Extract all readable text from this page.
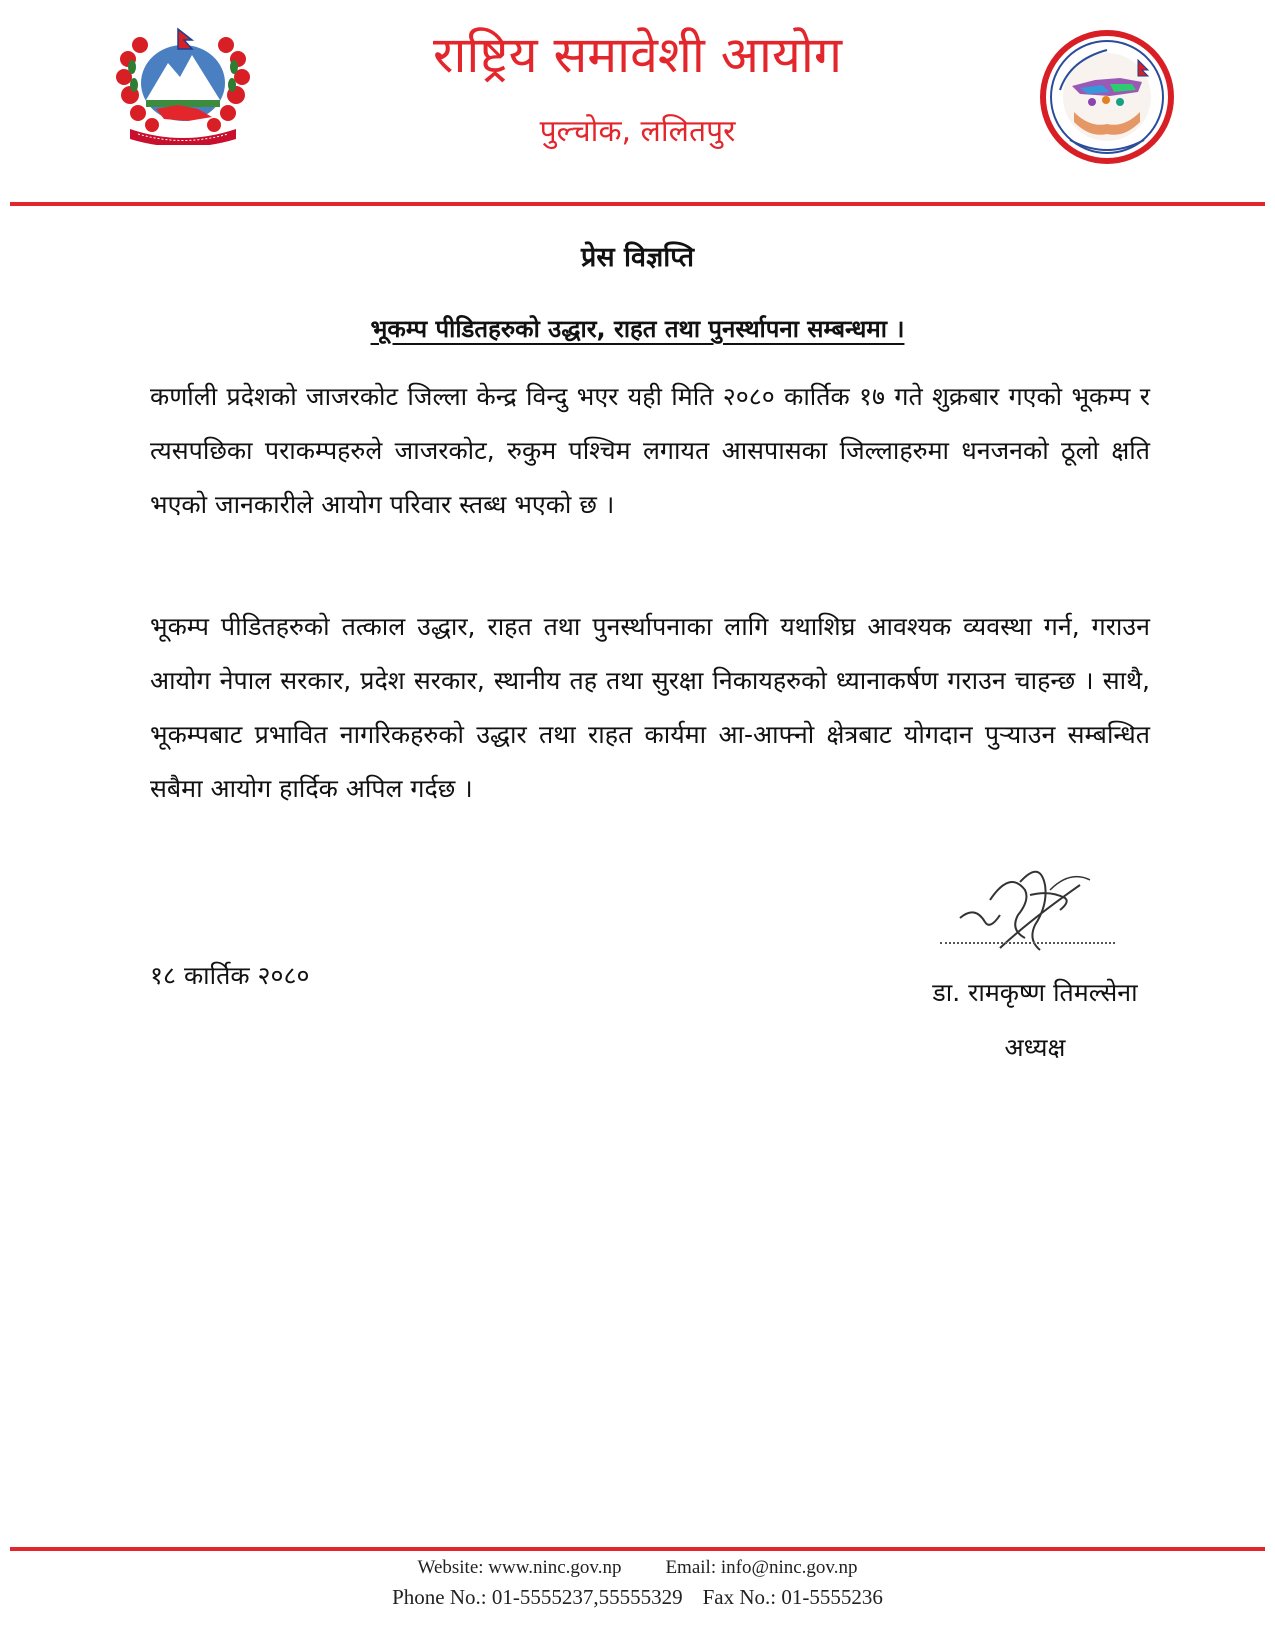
राष्ट्रिय समावेशी आयोग
पुल्चोक, ललितपुर
प्रेस विज्ञप्ति
भूकम्प पीडितहरुको उद्धार, राहत तथा पुनर्स्थापना सम्बन्धमा ।
कर्णाली प्रदेशको जाजरकोट जिल्ला केन्द्र विन्दु भएर यही मिति २०८० कार्तिक १७ गते शुक्रबार गएको भूकम्प र त्यसपछिका पराकम्पहरुले जाजरकोट, रुकुम पश्चिम लगायत आसपासका जिल्लाहरुमा धनजनको ठूलो क्षति भएको जानकारीले आयोग परिवार स्तब्ध भएको छ ।
भूकम्प पीडितहरुको तत्काल उद्धार, राहत तथा पुनर्स्थापनाका लागि यथाशिघ्र आवश्यक व्यवस्था गर्न, गराउन आयोग नेपाल सरकार, प्रदेश सरकार, स्थानीय तह तथा सुरक्षा निकायहरुको ध्यानाकर्षण गराउन चाहन्छ । साथै, भूकम्पबाट प्रभावित नागरिकहरुको उद्धार तथा राहत कार्यमा आ-आफ्नो क्षेत्रबाट योगदान पुऱ्याउन सम्बन्धित सबैमा आयोग हार्दिक अपिल गर्दछ ।
१८ कार्तिक २०८०
डा. रामकृष्ण तिमल्सेना
अध्यक्ष
Website: www.ninc.gov.np Email: info@ninc.gov.np
Phone No.: 01-5555237,55555329 Fax No.: 01-5555236
